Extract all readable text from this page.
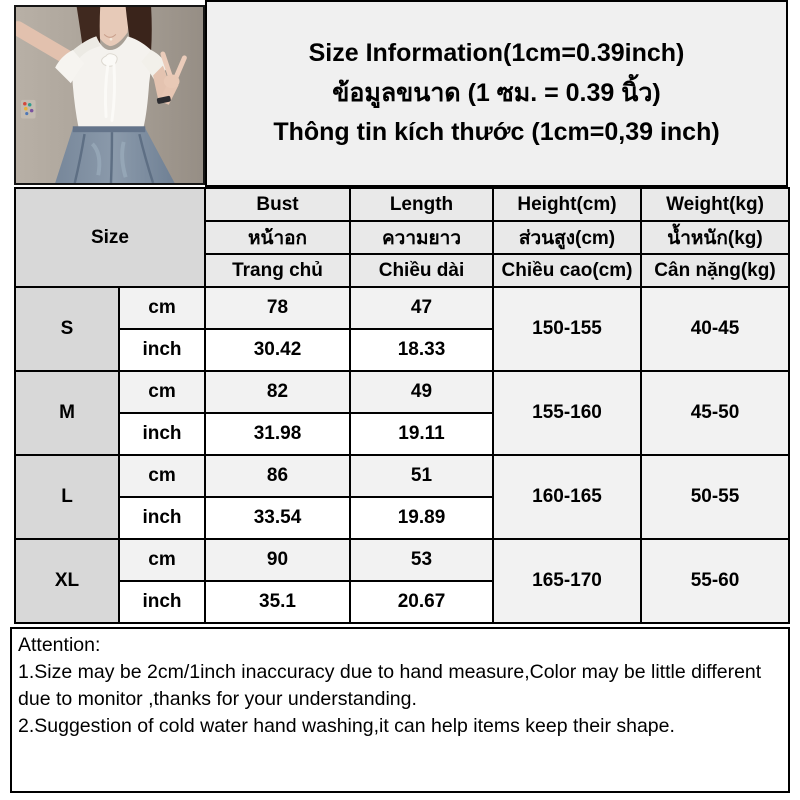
Size Information(1cm=0.39inch)
ข้อมูลขนาด (1 ซม. = 0.39 นิ้ว)
Thông tin kích thước (1cm=0,39 inch)
Size		Bust	Length	Height(cm)	Weight(kg)
		หน้าอก	ความยาว	ส่วนสูง(cm)	น้ำหนัก(kg)
		Trang chủ	Chiều dài	Chiều cao(cm)	Cân nặng(kg)
S	cm	78	47	150-155	40-45
	inch	30.42	18.33		
M	cm	82	49	155-160	45-50
	inch	31.98	19.11		
L	cm	86	51	160-165	50-55
	inch	33.54	19.89		
XL	cm	90	53	165-170	55-60
	inch	35.1	20.67		
Attention:
1.Size may be 2cm/1inch inaccuracy due to hand measure,Color may be little different due to monitor ,thanks for your understanding.
2.Suggestion of cold water hand washing,it can help items keep their shape.
